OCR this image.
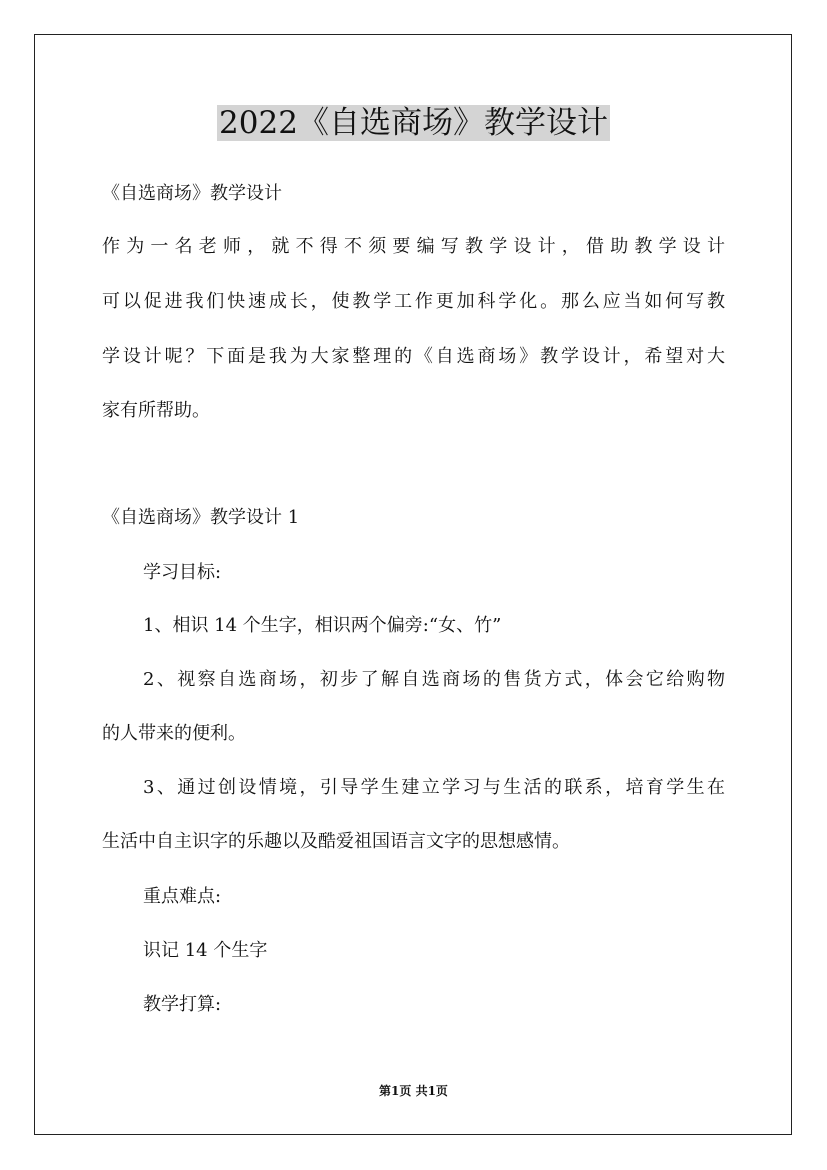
2022《自选商场》教学设计

《自选商场》教学设计

作为一名老师，就不得不须要编写教学设计，借助教学设计

可以促进我们快速成长，使教学工作更加科学化。那么应当如何写教

学设计呢？下面是我为大家整理的《自选商场》教学设计，希望对大

家有所帮助。

《自选商场》教学设计 1

学习目标:

1、相识 14 个生字，相识两个偏旁:“女、竹”

2、视察自选商场，初步了解自选商场的售货方式，体会它给购物

的人带来的便利。

3、通过创设情境，引导学生建立学习与生活的联系，培育学生在

生活中自主识字的乐趣以及酷爱祖国语言文字的思想感情。

重点难点:

识记 14 个生字

教学打算:

第1页 共1页
